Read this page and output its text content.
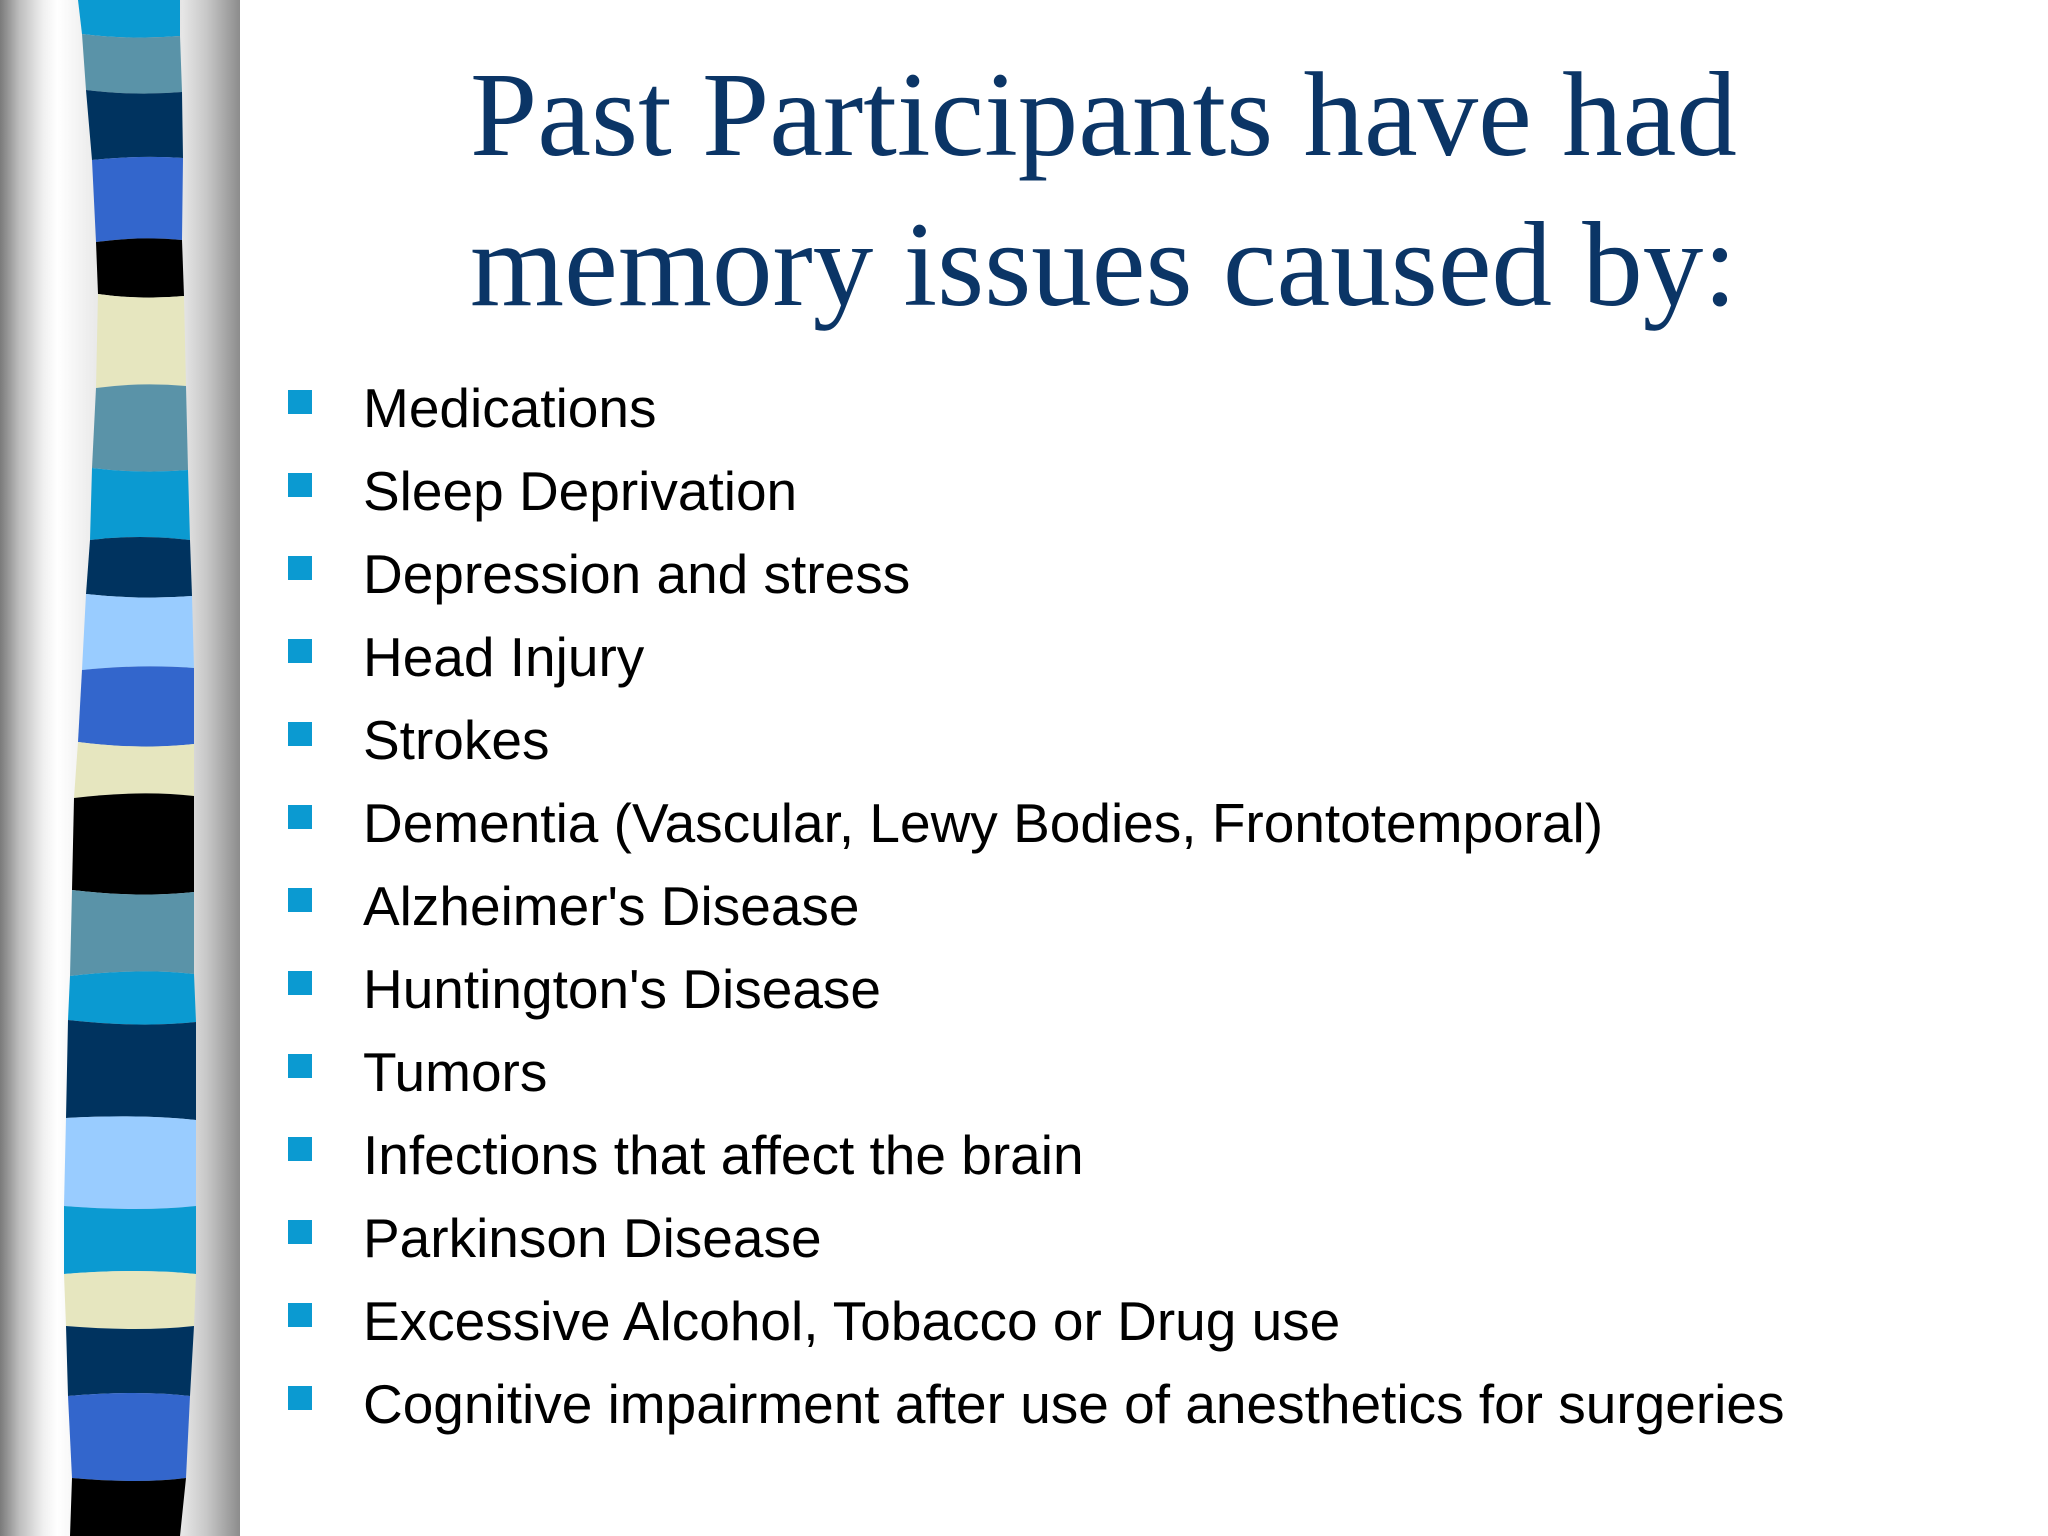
Past Participants have had
memory issues caused by:
Medications
Sleep Deprivation
Depression and stress
Head Injury
Strokes
Dementia (Vascular, Lewy Bodies, Frontotemporal)
Alzheimer's Disease
Huntington's Disease
Tumors
Infections that affect the brain
Parkinson Disease
Excessive Alcohol, Tobacco or Drug use
Cognitive impairment after use of anesthetics for surgeries
